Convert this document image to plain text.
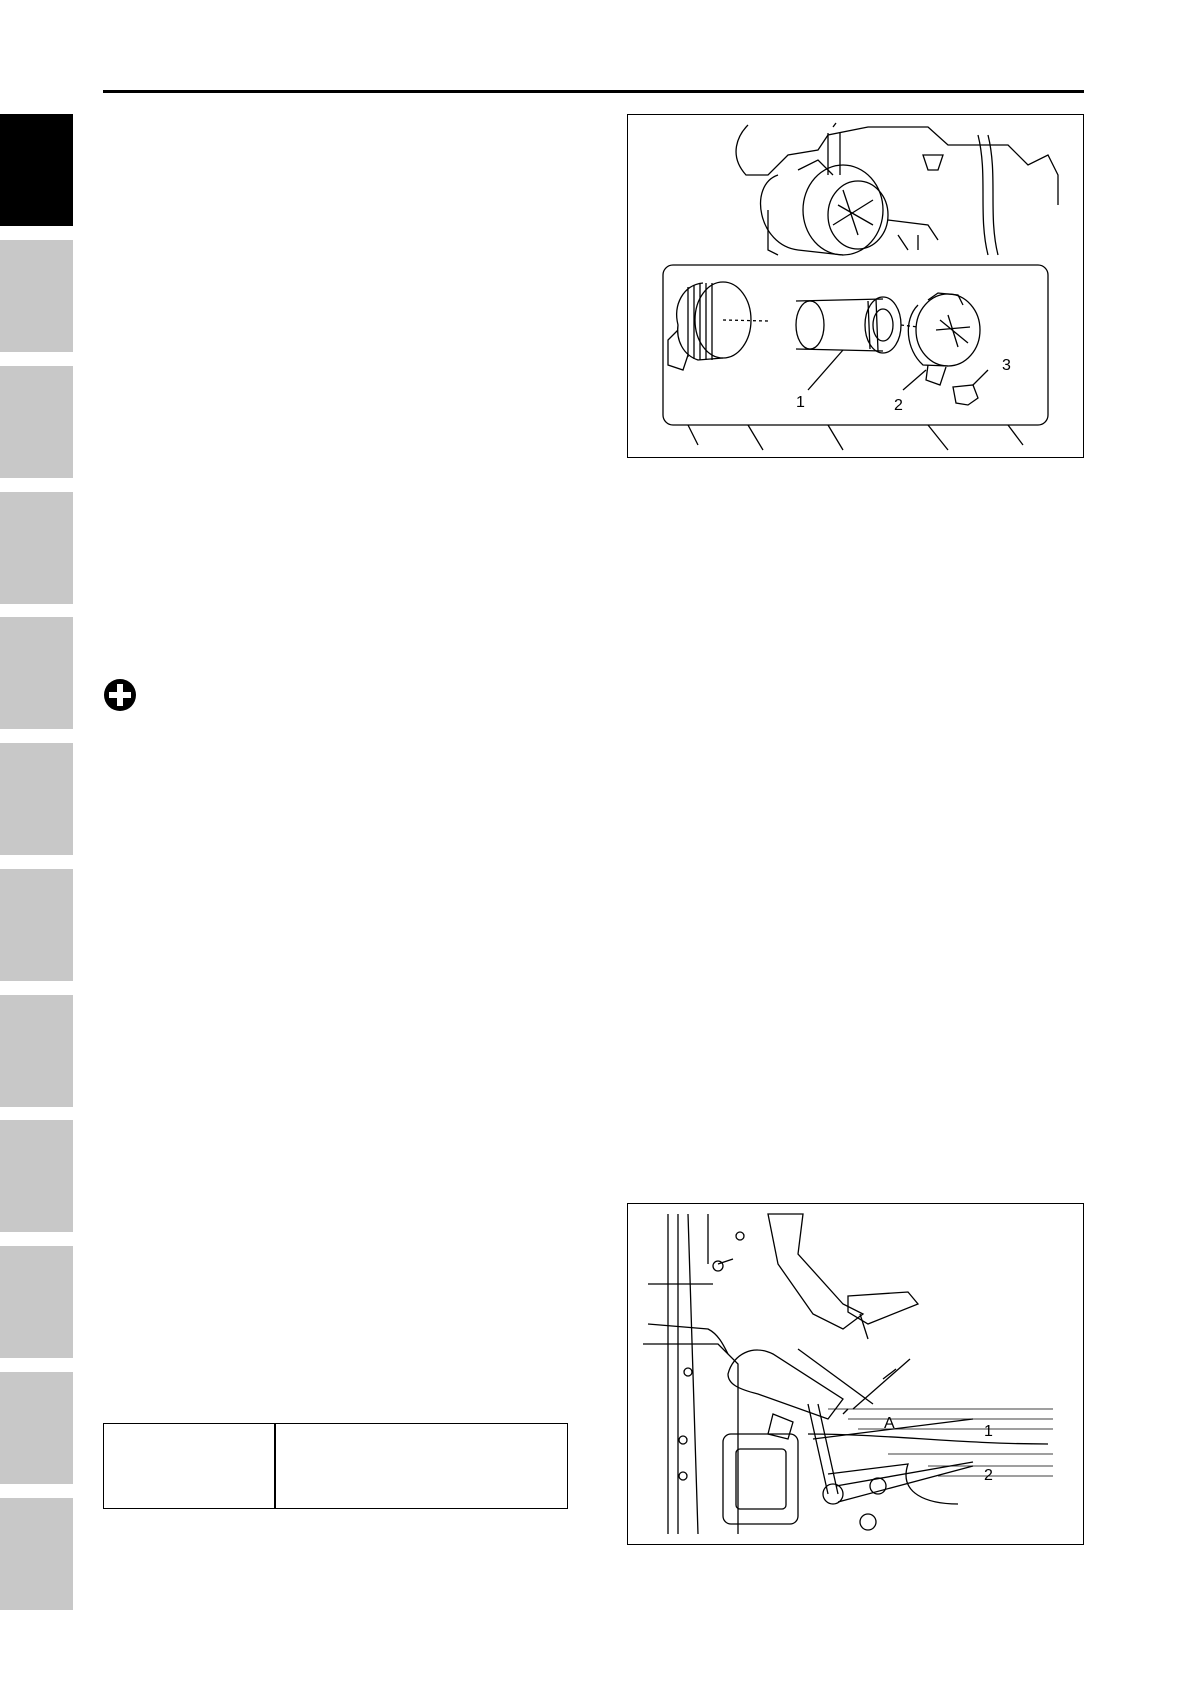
1	2
3
A	1
2
